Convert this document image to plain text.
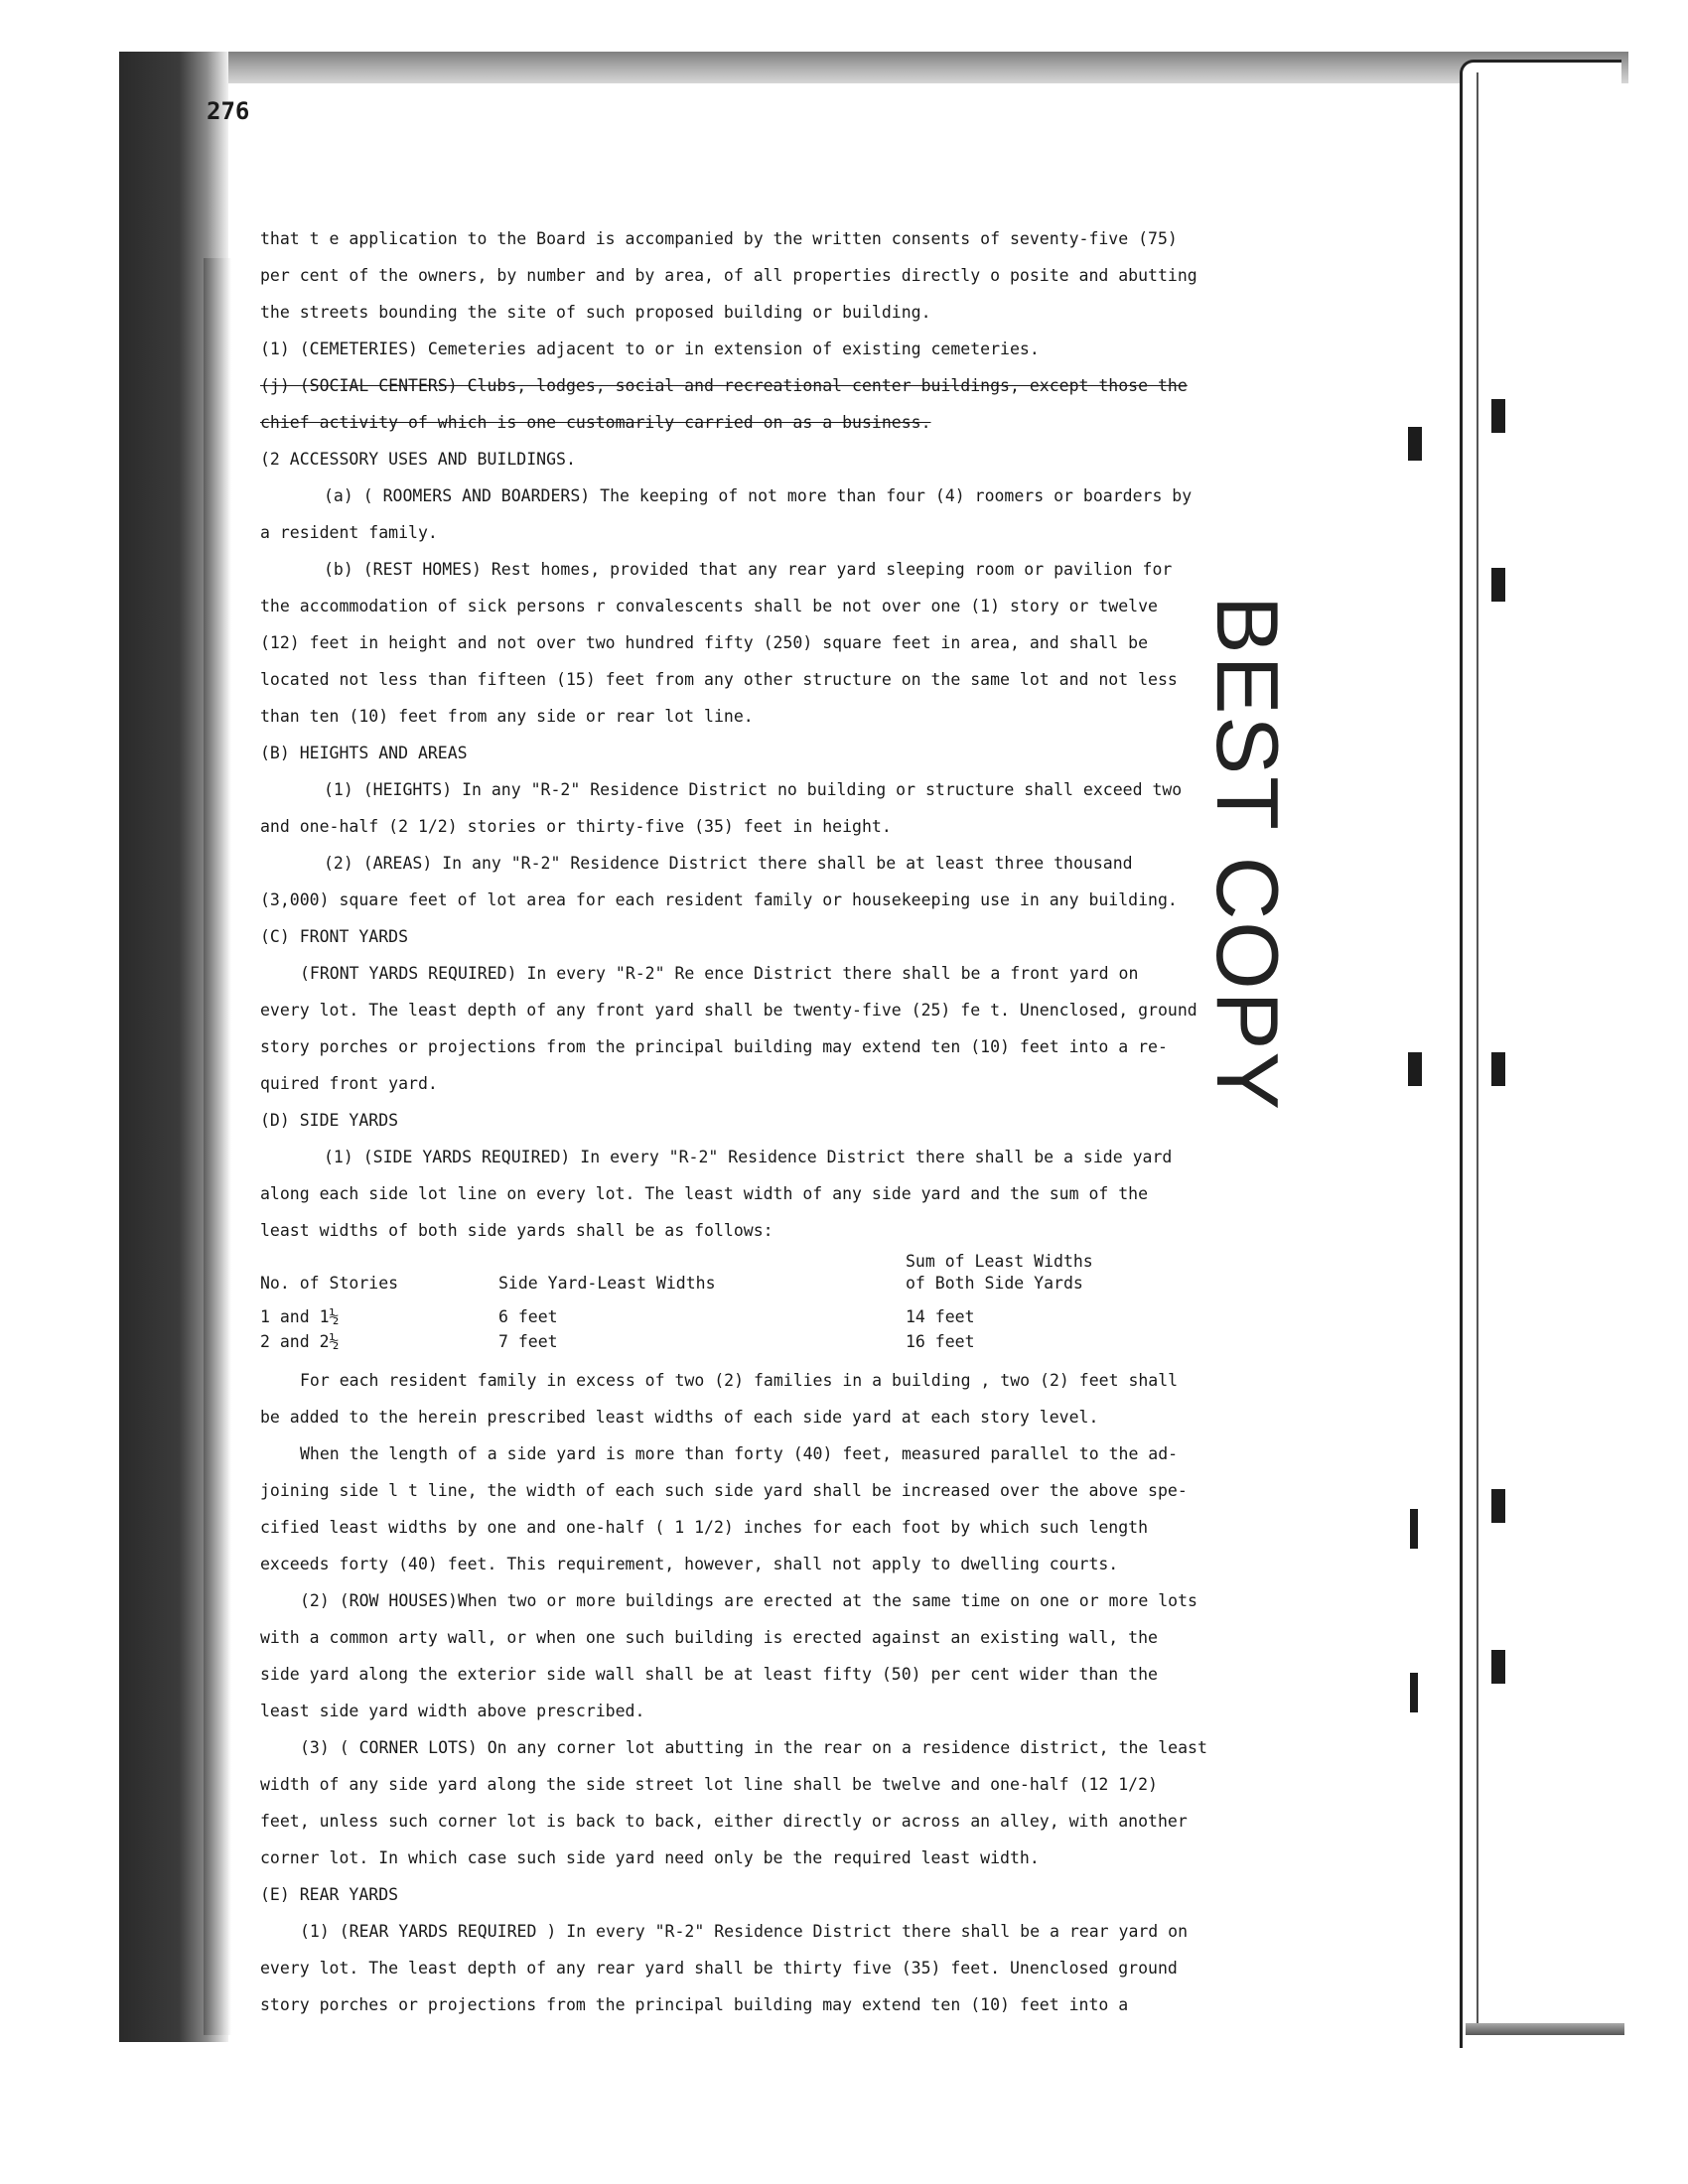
276
BEST COPY

that t e application to the Board is accompanied by the written consents of seventy-five (75)

per cent of the owners, by number and by area, of all properties directly o posite and abutting

the streets bounding the site of such proposed building or building.

(1) (CEMETERIES) Cemeteries adjacent to or in extension of existing cemeteries.

(j) (SOCIAL CENTERS) Clubs, lodges, social and recreational center buildings, except those the

chief activity of which is one customarily carried on as a business.

(2 ACCESSORY USES AND BUILDINGS.

(a) ( ROOMERS AND BOARDERS) The keeping of not more than four (4) roomers or boarders by

a resident family.

(b) (REST HOMES) Rest homes, provided that any rear yard sleeping room or pavilion for

the accommodation of sick persons r convalescents shall be not over one (1) story or twelve

(12) feet in height and not over two hundred fifty (250) square feet in area, and shall be

located not less than fifteen (15) feet from any other structure on the same lot and not less

than ten (10) feet from any side or rear lot line.

(B) HEIGHTS AND AREAS

(1) (HEIGHTS) In any "R-2" Residence District no building or structure shall exceed two

and one-half (2 1/2) stories or thirty-five (35) feet in height.

(2) (AREAS) In any "R-2" Residence District there shall be at least three thousand

(3,000) square feet of lot area for each resident family or housekeeping use in any building.

(C) FRONT YARDS

(FRONT YARDS REQUIRED) In every "R-2" Re ence District there shall be a front yard on

every lot. The least depth of any front yard shall be twenty-five (25) fe t. Unenclosed, ground

story porches or projections from the principal building may extend ten (10) feet into a re-

quired front yard.

(D) SIDE YARDS

(1) (SIDE YARDS REQUIRED) In every "R-2" Residence District there shall be a side yard

along each side lot line on every lot. The least width of any side yard and the sum of the

least widths of both side yards shall be as follows:

No. of Stories	Side Yard-Least Widths	Sum of Least Widths
of Both Side Yards

1 and 1½	6 feet	14 feet
2 and 2½	7 feet	16 feet

For each resident family in excess of two (2) families in a building , two (2) feet shall

be added to the herein prescribed least widths of each side yard at each story level.

When the length of a side yard is more than forty (40) feet, measured parallel to the ad-

joining side l t line, the width of each such side yard shall be increased over the above spe-

cified least widths by one and one-half ( 1 1/2) inches for each foot by which such length

exceeds forty (40) feet. This requirement, however, shall not apply to dwelling courts.

(2) (ROW HOUSES)When two or more buildings are erected at the same time on one or more lots

with a common arty wall, or when one such building is erected against an existing wall, the

side yard along the exterior side wall shall be at least fifty (50) per cent wider than the

least side yard width above prescribed.

(3) ( CORNER LOTS) On any corner lot abutting in the rear on a residence district, the least

width of any side yard along the side street lot line shall be twelve and one-half (12 1/2)

feet, unless such corner lot is back to back, either directly or across an alley, with another

corner lot. In which case such side yard need only be the required least width.

(E) REAR YARDS

(1) (REAR YARDS REQUIRED ) In every "R-2" Residence District there shall be a rear yard on

every lot. The least depth of any rear yard shall be thirty five (35) feet. Unenclosed ground

story porches or projections from the principal building may extend ten (10) feet into a
